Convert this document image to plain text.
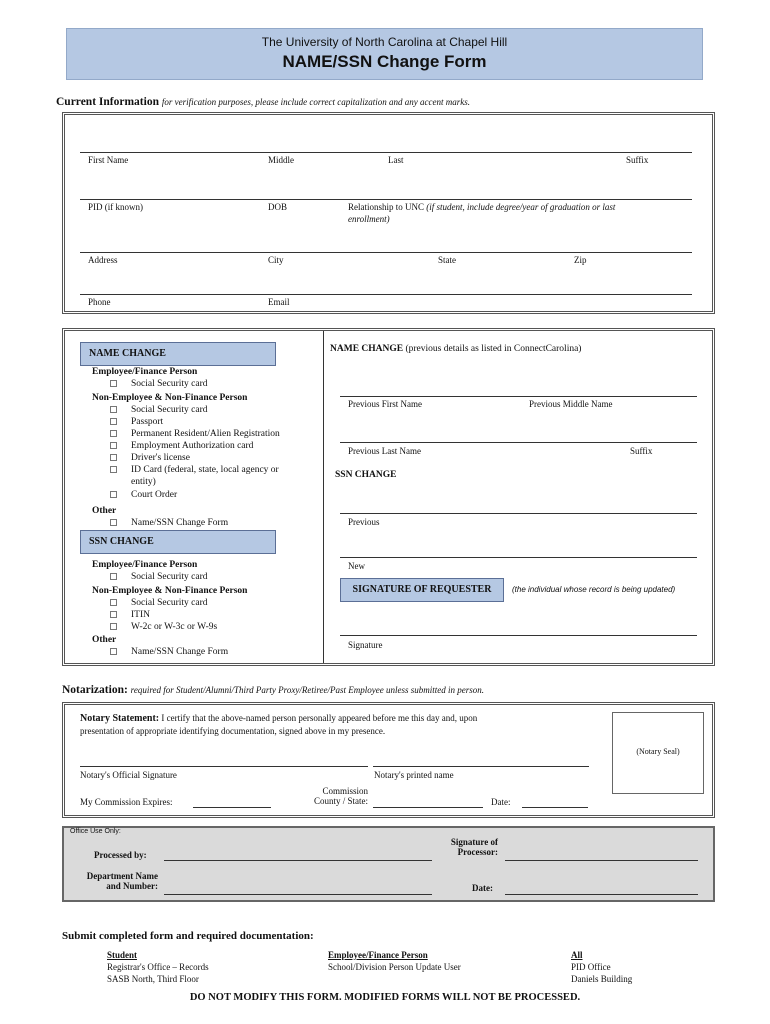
The University of North Carolina at Chapel Hill
NAME/SSN Change Form
Current Information for verification purposes, please include correct capitalization and any accent marks.
First Name	Middle	Last	Suffix
PID (if known)	DOB	Relationship to UNC (if student, include degree/year of graduation or last
enrollment)
Address	City	State	Zip
Phone	Email
NAME CHANGE
Employee/Finance Person
Social Security card
Non-Employee & Non-Finance Person
Social Security card
Passport
Permanent Resident/Alien Registration
Employment Authorization card
Driver's license
ID Card (federal, state, local agency or
entity)
Court Order
Other
Name/SSN Change Form
SSN CHANGE
Employee/Finance Person
Social Security card
Non-Employee & Non-Finance Person
Social Security card
ITIN
W-2c or W-3c or W-9s
Other
Name/SSN Change Form
NAME CHANGE (previous details as listed in ConnectCarolina)
Previous First Name	Previous Middle Name
Previous Last Name	Suffix
SSN CHANGE
Previous
New
SIGNATURE OF REQUESTER	(the individual whose record is being updated)
Signature
Notarization: required for Student/Alumni/Third Party Proxy/Retiree/Past Employee unless submitted in person.
Notary Statement: I certify that the above-named person personally appeared before me this day and, upon
presentation of appropriate identifying documentation, signed above in my presence.
(Notary Seal)
Notary's Official Signature	Notary's printed name
My Commission Expires:
Commission
County / State:	Date:
Office Use Only:
Processed by:
Signature of
Processor:
Department Name
and Number:	Date:
Submit completed form and required documentation:
Student
Registrar's Office – Records
SASB North, Third Floor
Employee/Finance Person
School/Division Person Update User
All
PID Office
Daniels Building
DO NOT MODIFY THIS FORM. MODIFIED FORMS WILL NOT BE PROCESSED.
